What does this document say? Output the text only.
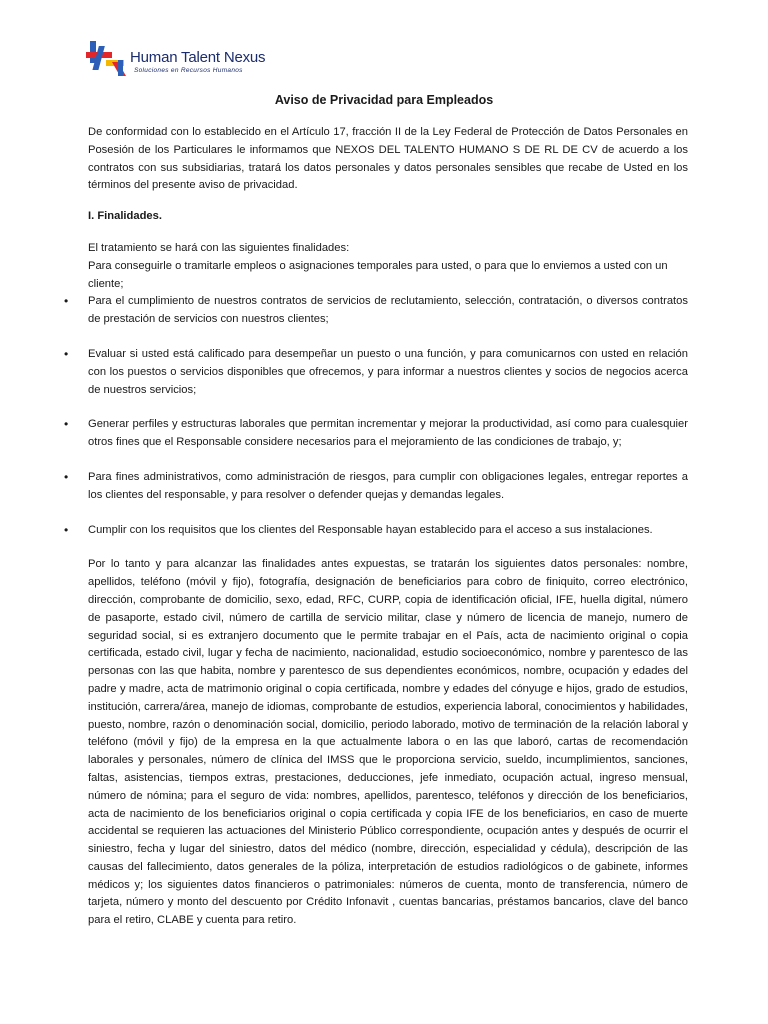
Human Talent Nexus
Soluciones en Recursos Humanos
Aviso de Privacidad para Empleados

De conformidad con lo establecido en el Artículo 17, fracción II de la Ley Federal de Protección de Datos Personales en Posesión de los Particulares le informamos que NEXOS DEL TALENTO HUMANO S DE RL DE CV de acuerdo a los contratos con sus subsidiarias, tratará los datos personales y datos personales sensibles que recabe de Usted en los términos del presente aviso de privacidad.

I. Finalidades.

El tratamiento se hará con las siguientes finalidades:

Para conseguirle o tramitarle empleos o asignaciones temporales para usted, o para que lo enviemos a usted con un cliente;
• Para el cumplimiento de nuestros contratos de servicios de reclutamiento, selección, contratación, o diversos contratos de prestación de servicios con nuestros clientes;
• Evaluar si usted está calificado para desempeñar un puesto o una función, y para comunicarnos con usted en relación con los puestos o servicios disponibles que ofrecemos, y para informar a nuestros clientes y socios de negocios acerca de nuestros servicios;
• Generar perfiles y estructuras laborales que permitan incrementar y mejorar la productividad, así como para cualesquier otros fines que el Responsable considere necesarios para el mejoramiento de las condiciones de trabajo, y;
• Para fines administrativos, como administración de riesgos, para cumplir con obligaciones legales, entregar reportes a los clientes del responsable, y para resolver o defender quejas y demandas legales.
• Cumplir con los requisitos que los clientes del Responsable hayan establecido para el acceso a sus instalaciones.

Por lo tanto y para alcanzar las finalidades antes expuestas, se tratarán los siguientes datos personales: nombre, apellidos, teléfono (móvil y fijo), fotografía, designación de beneficiarios para cobro de finiquito, correo electrónico, dirección, comprobante de domicilio, sexo, edad, RFC, CURP, copia de identificación oficial, IFE, huella digital, número de pasaporte, estado civil, número de cartilla de servicio militar, clase y número de licencia de manejo, numero de seguridad social, si es extranjero documento que le permite trabajar en el País, acta de nacimiento original o copia certificada, estado civil, lugar y fecha de nacimiento, nacionalidad, estudio socioeconómico, nombre y parentesco de las personas con las que habita, nombre y parentesco de sus dependientes económicos, nombre, ocupación y edades del padre y madre, acta de matrimonio original o copia certificada, nombre y edades del cónyuge e hijos, grado de estudios, institución, carrera/área, manejo de idiomas, comprobante de estudios, experiencia laboral, conocimientos y habilidades, puesto, nombre, razón o denominación social, domicilio, periodo laborado, motivo de terminación de la relación laboral y teléfono (móvil y fijo) de la empresa en la que actualmente labora o en las que laboró, cartas de recomendación laborales y personales, número de clínica del IMSS que le proporciona servicio, sueldo, incumplimientos, sanciones, faltas, asistencias, tiempos extras, prestaciones, deducciones, jefe inmediato, ocupación actual, ingreso mensual, número de nómina; para el seguro de vida: nombres, apellidos, parentesco, teléfonos y dirección de los beneficiarios, acta de nacimiento de los beneficiarios original o copia certificada y copia IFE de los beneficiarios, en caso de muerte accidental se requieren las actuaciones del Ministerio Público correspondiente, ocupación antes y después de ocurrir el siniestro, fecha y lugar del siniestro, datos del médico (nombre, dirección, especialidad y cédula), descripción de las causas del fallecimiento, datos generales de la póliza, interpretación de estudios radiológicos o de gabinete, informes médicos y; los siguientes datos financieros o patrimoniales: números de cuenta, monto de transferencia, número de tarjeta, número y monto del descuento por Crédito Infonavit , cuentas bancarias, préstamos bancarios, clave del banco para el retiro, CLABE y cuenta para retiro.
